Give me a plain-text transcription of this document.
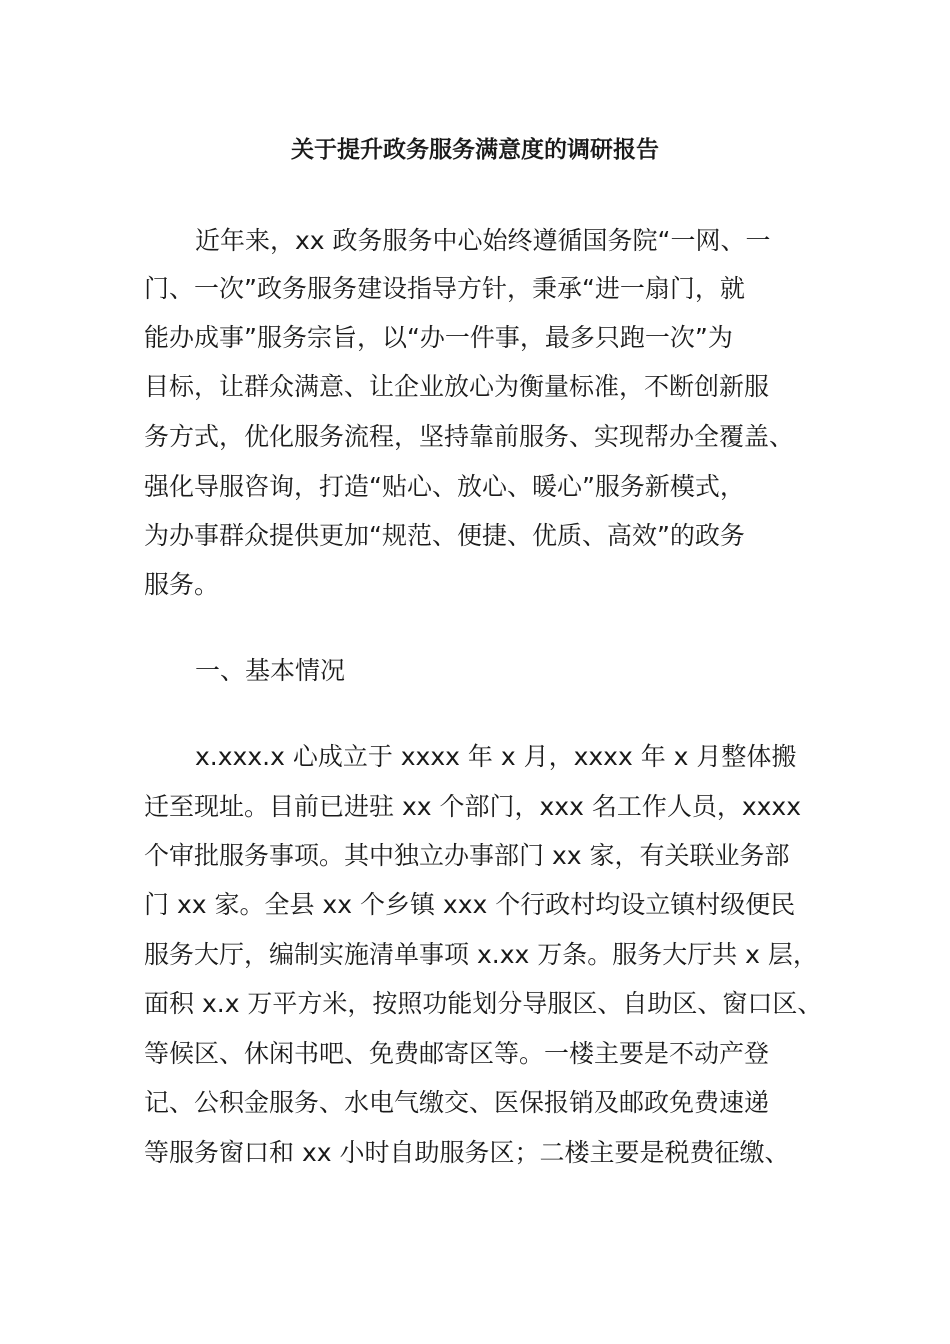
关于提升政务服务满意度的调研报告

近年来，xx 政务服务中心始终遵循国务院“一网、一

门、一次”政务服务建设指导方针，秉承“进一扇门，就

能办成事”服务宗旨，以“办一件事，最多只跑一次”为

目标，让群众满意、让企业放心为衡量标准，不断创新服

务方式，优化服务流程，坚持靠前服务、实现帮办全覆盖、

强化导服咨询，打造“贴心、放心、暖心”服务新模式，

为办事群众提供更加“规范、便捷、优质、高效”的政务

服务。

一、基本情况

x.xxx.x 心成立于 xxxx 年 x 月，xxxx 年 x 月整体搬

迁至现址。目前已进驻 xx 个部门，xxx 名工作人员，xxxx

个审批服务事项。其中独立办事部门 xx 家，有关联业务部

门 xx 家。全县 xx 个乡镇 xxx 个行政村均设立镇村级便民

服务大厅，编制实施清单事项 x.xx 万条。服务大厅共 x 层，

面积 x.x 万平方米，按照功能划分导服区、自助区、窗口区、

等候区、休闲书吧、免费邮寄区等。一楼主要是不动产登

记、公积金服务、水电气缴交、医保报销及邮政免费速递

等服务窗口和 xx 小时自助服务区；二楼主要是税费征缴、
